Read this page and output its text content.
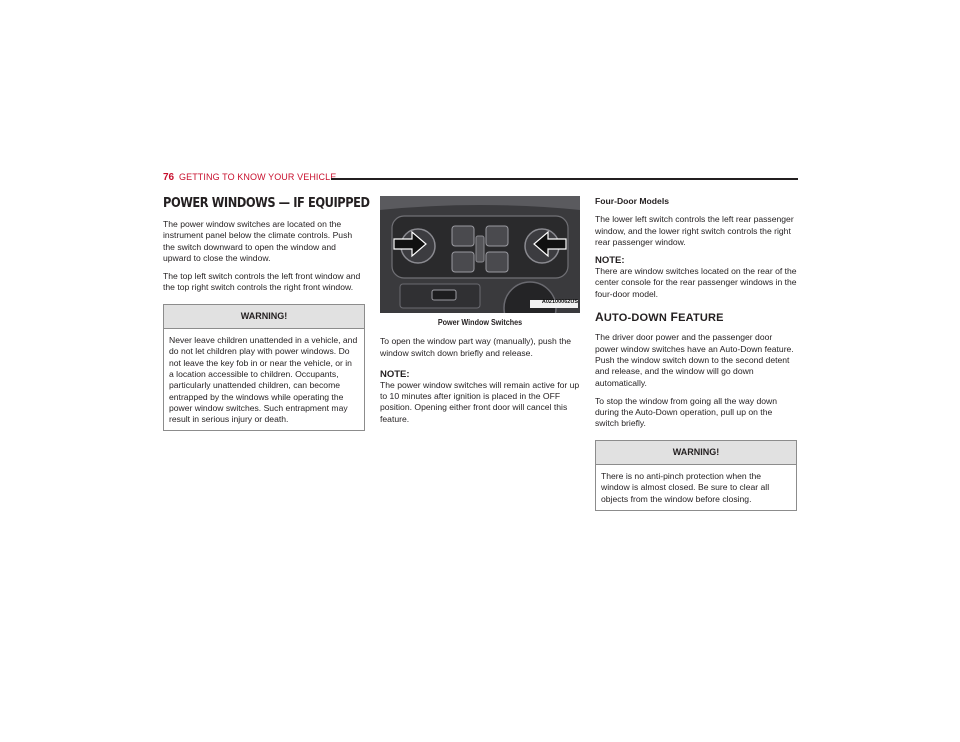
76 GETTING TO KNOW YOUR VEHICLE
POWER WINDOWS — IF EQUIPPED

The power window switches are located on the instrument panel below the climate controls. Push the switch downward to open the window and upward to close the window.

The top left switch controls the left front window and the top right switch controls the right front window.

WARNING!
Never leave children unattended in a vehicle, and do not let children play with power windows. Do not leave the key fob in or near the vehicle, or in a location accessible to children. Occupants, particularly unattended children, can become entrapped by the windows while operating the power window switches. Such entrapment may result in serious injury or death.
A02100062US
Power Window Switches

To open the window part way (manually), push the window switch down briefly and release.

NOTE:

The power window switches will remain active for up to 10 minutes after ignition is placed in the OFF position. Opening either front door will cancel this feature.

Four-Door Models

The lower left switch controls the left rear passenger window, and the lower right switch controls the right rear passenger window.

NOTE:

There are window switches located on the rear of the center console for the rear passenger windows in the four-door model.

AUTO-DOWN FEATURE

The driver door power and the passenger door power window switches have an Auto-Down feature. Push the window switch down to the second detent and release, and the window will go down automatically.

To stop the window from going all the way down during the Auto-Down operation, pull up on the switch briefly.

WARNING!
There is no anti-pinch protection when the window is almost closed. Be sure to clear all objects from the window before closing.
